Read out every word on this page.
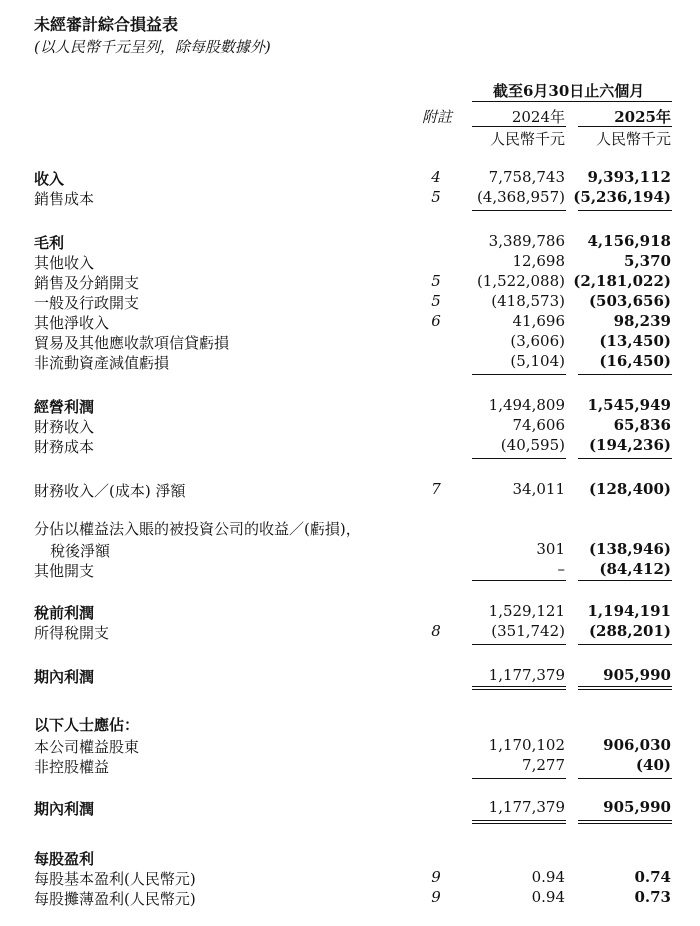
未經審計綜合損益表
(以人民幣千元呈列，除每股數據外)
截至6月30日止六個月
附註	2024年	2025年
人民幣千元 人民幣千元
收入	4	7,758,743 9,393,112
銷售成本	5	(4,368,957) (5,236,194)
毛利	3,389,786 4,156,918
其他收入	12,698	5,370
銷售及分銷開支	5	(1,522,088) (2,181,022)
一般及行政開支	5	(418,573) (503,656)
其他淨收入	6	41,696	98,239
貿易及其他應收款項信貸虧損	(3,606) (13,450)
非流動資產減值虧損	(5,104) (16,450)
經營利潤	1,494,809 1,545,949
財務收入	74,606	65,836
財務成本	(40,595) (194,236)
財務收入／(成本) 淨額	7	34,011 (128,400)
分佔以權益法入賬的被投資公司的收益／(虧損)，
稅後淨額	301 (138,946)
其他開支	– (84,412)
稅前利潤	1,529,121 1,194,191
所得稅開支	8	(351,742) (288,201)
期內利潤	1,177,379	905,990
以下人士應佔：
本公司權益股東	1,170,102	906,030
非控股權益	7,277	(40)
期內利潤	1,177,379	905,990
每股盈利
每股基本盈利(人民幣元)	9	0.94	0.74
每股攤薄盈利(人民幣元)	9	0.94	0.73
